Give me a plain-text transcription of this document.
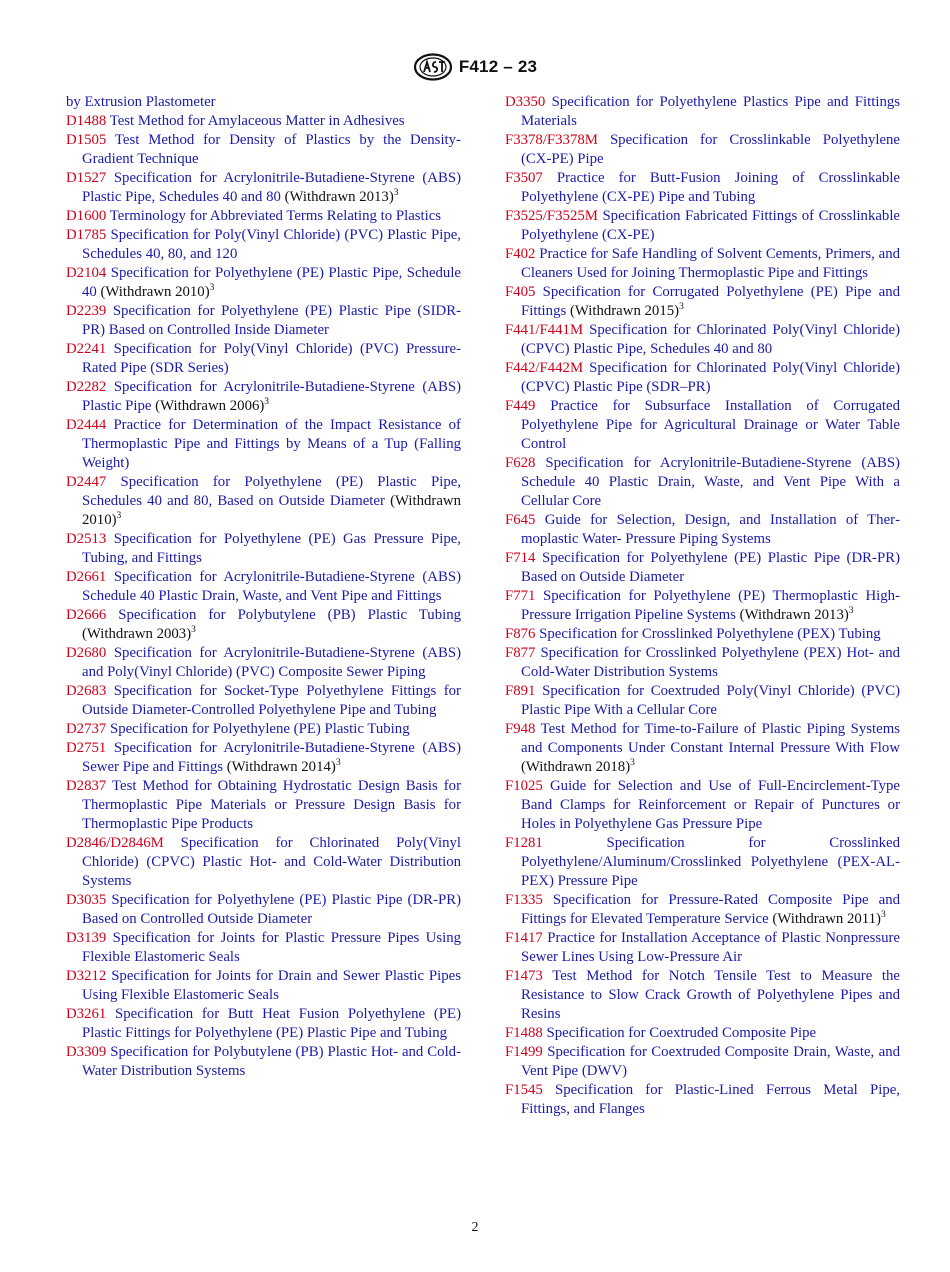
F412 – 23

by Extrusion Plastometer

D1488 Test Method for Amylaceous Matter in Adhesives

D1505 Test Method for Density of Plastics by the Density-Gradient Technique

D1527 Specification for Acrylonitrile-Butadiene-Styrene (ABS) Plastic Pipe, Schedules 40 and 80 (Withdrawn 2013)$^3$

D1600 Terminology for Abbreviated Terms Relating to Plastics

D1785 Specification for Poly(Vinyl Chloride) (PVC) Plastic Pipe, Schedules 40, 80, and 120

D2104 Specification for Polyethylene (PE) Plastic Pipe, Schedule 40 (Withdrawn 2010)$^3$

D2239 Specification for Polyethylene (PE) Plastic Pipe (SIDR-PR) Based on Controlled Inside Diameter

D2241 Specification for Poly(Vinyl Chloride) (PVC) Pressure-Rated Pipe (SDR Series)

D2282 Specification for Acrylonitrile-Butadiene-Styrene (ABS) Plastic Pipe (Withdrawn 2006)$^3$

D2444 Practice for Determination of the Impact Resistance of Thermoplastic Pipe and Fittings by Means of a Tup (Falling Weight)

D2447 Specification for Polyethylene (PE) Plastic Pipe, Schedules 40 and 80, Based on Outside Diameter (Withdrawn 2010)$^3$

D2513 Specification for Polyethylene (PE) Gas Pressure Pipe, Tubing, and Fittings

D2661 Specification for Acrylonitrile-Butadiene-Styrene (ABS) Schedule 40 Plastic Drain, Waste, and Vent Pipe and Fittings

D2666 Specification for Polybutylene (PB) Plastic Tubing (Withdrawn 2003)$^3$

D2680 Specification for Acrylonitrile-Butadiene-Styrene (ABS) and Poly(Vinyl Chloride) (PVC) Composite Sewer Piping

D2683 Specification for Socket-Type Polyethylene Fittings for Outside Diameter-Controlled Polyethylene Pipe and Tubing

D2737 Specification for Polyethylene (PE) Plastic Tubing

D2751 Specification for Acrylonitrile-Butadiene-Styrene (ABS) Sewer Pipe and Fittings (Withdrawn 2014)$^3$

D2837 Test Method for Obtaining Hydrostatic Design Basis for Thermoplastic Pipe Materials or Pressure Design Basis for Thermoplastic Pipe Products

D2846/D2846M Specification for Chlorinated Poly(Vinyl Chloride) (CPVC) Plastic Hot- and Cold-Water Distribution Systems

D3035 Specification for Polyethylene (PE) Plastic Pipe (DR-PR) Based on Controlled Outside Diameter

D3139 Specification for Joints for Plastic Pressure Pipes Using Flexible Elastomeric Seals

D3212 Specification for Joints for Drain and Sewer Plastic Pipes Using Flexible Elastomeric Seals

D3261 Specification for Butt Heat Fusion Polyethylene (PE) Plastic Fittings for Polyethylene (PE) Plastic Pipe and Tubing

D3309 Specification for Polybutylene (PB) Plastic Hot- and Cold-Water Distribution Systems

D3350 Specification for Polyethylene Plastics Pipe and Fittings Materials

F3378/F3378M Specification for Crosslinkable Polyethylene (CX-PE) Pipe

F3507 Practice for Butt-Fusion Joining of Crosslinkable Polyethylene (CX-PE) Pipe and Tubing

F3525/F3525M Specification Fabricated Fittings of Crosslinkable Polyethylene (CX-PE)

F402 Practice for Safe Handling of Solvent Cements, Primers, and Cleaners Used for Joining Thermoplastic Pipe and Fittings

F405 Specification for Corrugated Polyethylene (PE) Pipe and Fittings (Withdrawn 2015)$^3$

F441/F441M Specification for Chlorinated Poly(Vinyl Chloride) (CPVC) Plastic Pipe, Schedules 40 and 80

F442/F442M Specification for Chlorinated Poly(Vinyl Chloride) (CPVC) Plastic Pipe (SDR–PR)

F449 Practice for Subsurface Installation of Corrugated Polyethylene Pipe for Agricultural Drainage or Water Table Control

F628 Specification for Acrylonitrile-Butadiene-Styrene (ABS) Schedule 40 Plastic Drain, Waste, and Vent Pipe With a Cellular Core

F645 Guide for Selection, Design, and Installation of Thermoplastic Water- Pressure Piping Systems

F714 Specification for Polyethylene (PE) Plastic Pipe (DR-PR) Based on Outside Diameter

F771 Specification for Polyethylene (PE) Thermoplastic High-Pressure Irrigation Pipeline Systems (Withdrawn 2013)$^3$

F876 Specification for Crosslinked Polyethylene (PEX) Tubing

F877 Specification for Crosslinked Polyethylene (PEX) Hot- and Cold-Water Distribution Systems

F891 Specification for Coextruded Poly(Vinyl Chloride) (PVC) Plastic Pipe With a Cellular Core

F948 Test Method for Time-to-Failure of Plastic Piping Systems and Components Under Constant Internal Pressure With Flow (Withdrawn 2018)$^3$

F1025 Guide for Selection and Use of Full-Encirclement-Type Band Clamps for Reinforcement or Repair of Punctures or Holes in Polyethylene Gas Pressure Pipe

F1281	Specification for Crosslinked Polyethylene/Aluminum/Crosslinked Polyethylene (PEX-AL-PEX) Pressure Pipe

F1335 Specification for Pressure-Rated Composite Pipe and Fittings for Elevated Temperature Service (Withdrawn 2011)$^3$

F1417 Practice for Installation Acceptance of Plastic Nonpressure Sewer Lines Using Low-Pressure Air

F1473 Test Method for Notch Tensile Test to Measure the Resistance to Slow Crack Growth of Polyethylene Pipes and Resins

F1488 Specification for Coextruded Composite Pipe

F1499 Specification for Coextruded Composite Drain, Waste, and Vent Pipe (DWV)

F1545 Specification for Plastic-Lined Ferrous Metal Pipe, Fittings, and Flanges

2
